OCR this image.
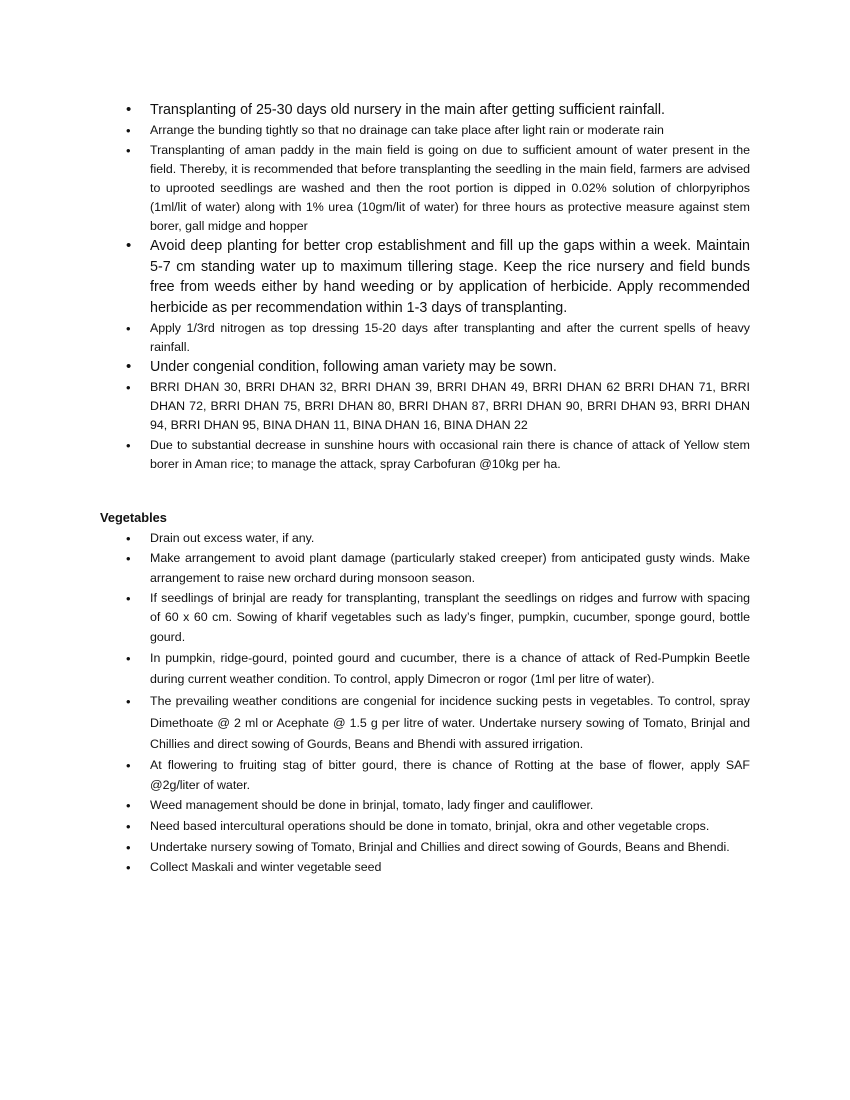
• Transplanting of 25-30 days old nursery in the main after getting sufficient rainfall.
• Arrange the bunding tightly so that no drainage can take place after light rain or moderate rain
• Transplanting of aman paddy in the main field is going on due to sufficient amount of water present in the field. Thereby, it is recommended that before transplanting the seedling in the main field, farmers are advised to uprooted seedlings are washed and then the root portion is dipped in 0.02% solution of chlorpyriphos (1ml/lit of water) along with 1% urea (10gm/lit of water) for three hours as protective measure against stem borer, gall midge and hopper
• Avoid deep planting for better crop establishment and fill up the gaps within a week. Maintain 5-7 cm standing water up to maximum tillering stage. Keep the rice nursery and field bunds free from weeds either by hand weeding or by application of herbicide. Apply recommended herbicide as per recommendation within 1-3 days of transplanting.
• Apply 1/3rd nitrogen as top dressing 15-20 days after transplanting and after the current spells of heavy rainfall.
• Under congenial condition, following aman variety may be sown.
• BRRI DHAN 30, BRRI DHAN 32, BRRI DHAN 39, BRRI DHAN 49, BRRI DHAN 62 BRRI DHAN 71, BRRI DHAN 72, BRRI DHAN 75, BRRI DHAN 80, BRRI DHAN 87, BRRI DHAN 90, BRRI DHAN 93, BRRI DHAN 94, BRRI DHAN 95, BINA DHAN 11, BINA DHAN 16, BINA DHAN 22
• Due to substantial decrease in sunshine hours with occasional rain there is chance of attack of Yellow stem borer in Aman rice; to manage the attack, spray Carbofuran @10kg per ha.
Vegetables
• Drain out excess water, if any.
• Make arrangement to avoid plant damage (particularly staked creeper) from anticipated gusty winds. Make arrangement to raise new orchard during monsoon season.
• If seedlings of brinjal are ready for transplanting, transplant the seedlings on ridges and furrow with spacing of 60 x 60 cm. Sowing of kharif vegetables such as lady’s finger, pumpkin, cucumber, sponge gourd, bottle gourd.
• In pumpkin, ridge-gourd, pointed gourd and cucumber, there is a chance of attack of Red-Pumpkin Beetle during current weather condition. To control, apply Dimecron or rogor (1ml per litre of water).
• The prevailing weather conditions are congenial for incidence sucking pests in vegetables. To control, spray Dimethoate @ 2 ml or Acephate @ 1.5 g per litre of water. Undertake nursery sowing of Tomato, Brinjal and Chillies and direct sowing of Gourds, Beans and Bhendi with assured irrigation.
• At flowering to fruiting stag of bitter gourd, there is chance of Rotting at the base of flower, apply SAF @2g/liter of water.
• Weed management should be done in brinjal, tomato, lady finger and cauliflower.
• Need based intercultural operations should be done in tomato, brinjal, okra and other vegetable crops.
• Undertake nursery sowing of Tomato, Brinjal and Chillies and direct sowing of Gourds, Beans and Bhendi.
• Collect Maskali and winter vegetable seed
